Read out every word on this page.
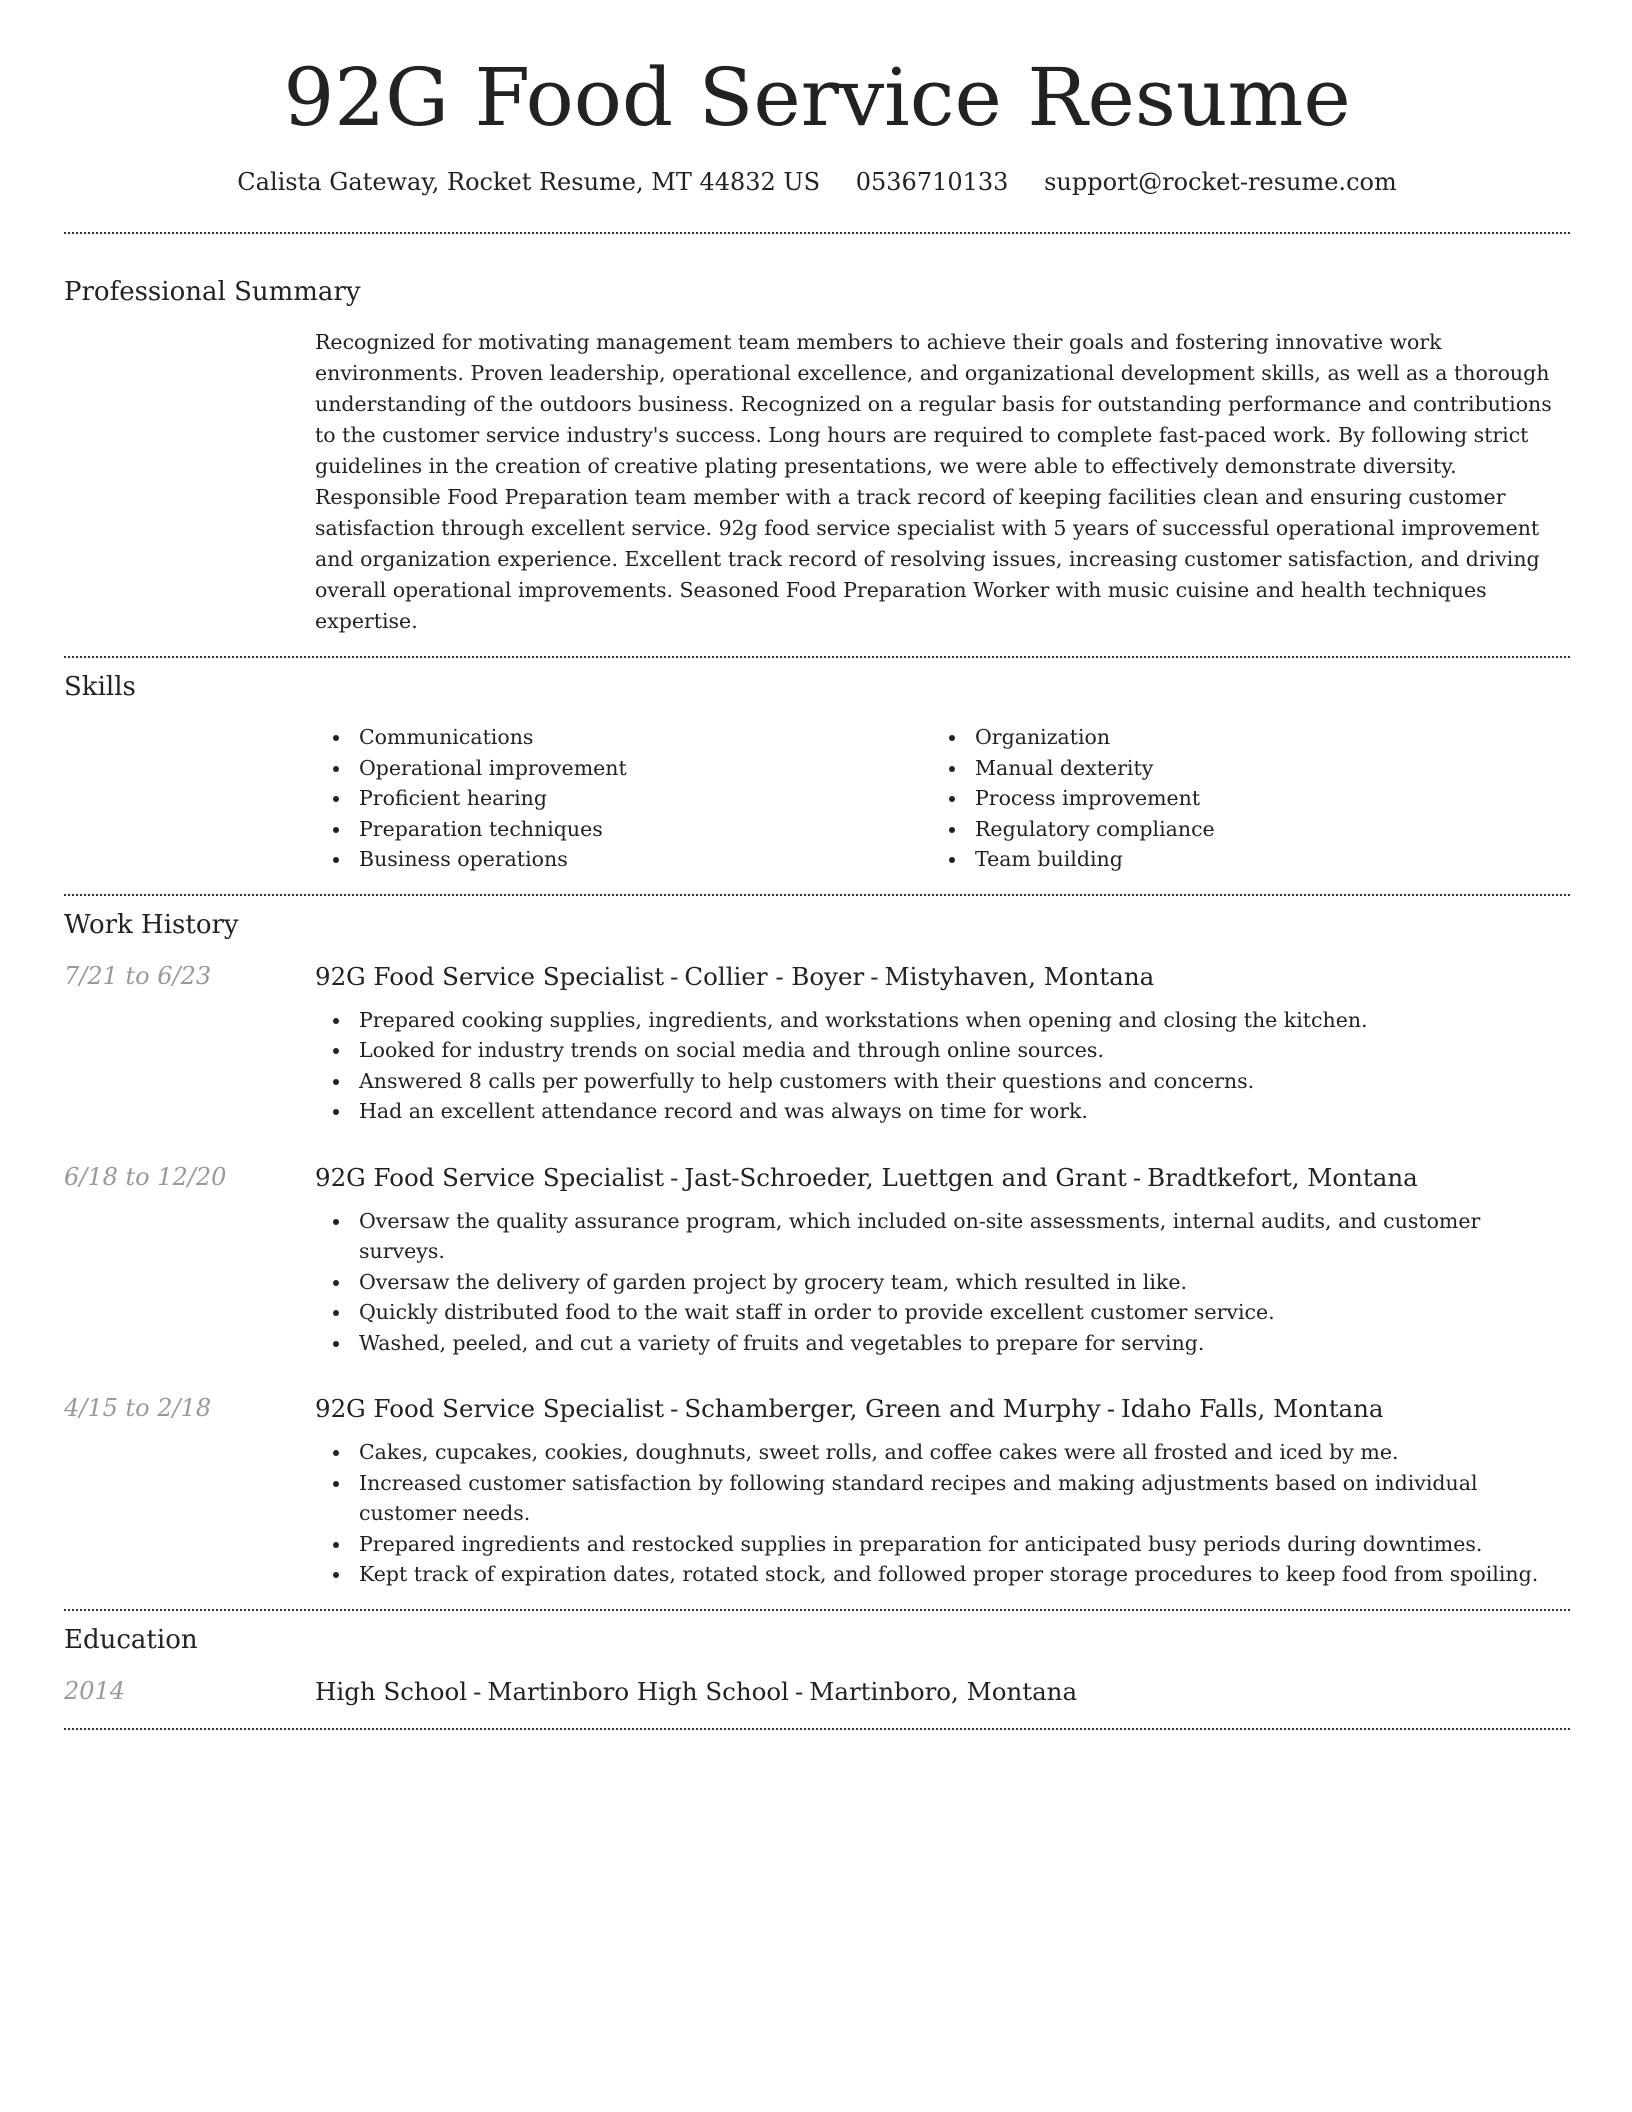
92G Food Service Resume
Calista Gateway, Rocket Resume, MT 44832 US 0536710133 support@rocket-resume.com
Professional Summary

Recognized for motivating management team members to achieve their goals and fostering innovative work environments. Proven leadership, operational excellence, and organizational development skills, as well as a thorough understanding of the outdoors business. Recognized on a regular basis for outstanding performance and contributions to the customer service industry's success. Long hours are required to complete fast-paced work. By following strict guidelines in the creation of creative plating presentations, we were able to effectively demonstrate diversity. Responsible Food Preparation team member with a track record of keeping facilities clean and ensuring customer satisfaction through excellent service. 92g food service specialist with 5 years of successful operational improvement and organization experience. Excellent track record of resolving issues, increasing customer satisfaction, and driving overall operational improvements. Seasoned Food Preparation Worker with music cuisine and health techniques expertise.

Skills
Communications
Operational improvement
Proficient hearing
Preparation techniques
Business operations
Organization
Manual dexterity
Process improvement
Regulatory compliance
Team building
Work History
7/21 to 6/23	92G Food Service Specialist - Collier - Boyer - Mistyhaven, Montana
Prepared cooking supplies, ingredients, and workstations when opening and closing the kitchen.
Looked for industry trends on social media and through online sources.
Answered 8 calls per powerfully to help customers with their questions and concerns.
Had an excellent attendance record and was always on time for work.
6/18 to 12/20	92G Food Service Specialist - Jast-Schroeder, Luettgen and Grant - Bradtkefort, Montana
Oversaw the quality assurance program, which included on-site assessments, internal audits, and customer surveys.
Oversaw the delivery of garden project by grocery team, which resulted in like.
Quickly distributed food to the wait staff in order to provide excellent customer service.
Washed, peeled, and cut a variety of fruits and vegetables to prepare for serving.
4/15 to 2/18	92G Food Service Specialist - Schamberger, Green and Murphy - Idaho Falls, Montana
Cakes, cupcakes, cookies, doughnuts, sweet rolls, and coffee cakes were all frosted and iced by me.
Increased customer satisfaction by following standard recipes and making adjustments based on individual customer needs.
Prepared ingredients and restocked supplies in preparation for anticipated busy periods during downtimes.
Kept track of expiration dates, rotated stock, and followed proper storage procedures to keep food from spoiling.
Education
2014	High School - Martinboro High School - Martinboro, Montana
